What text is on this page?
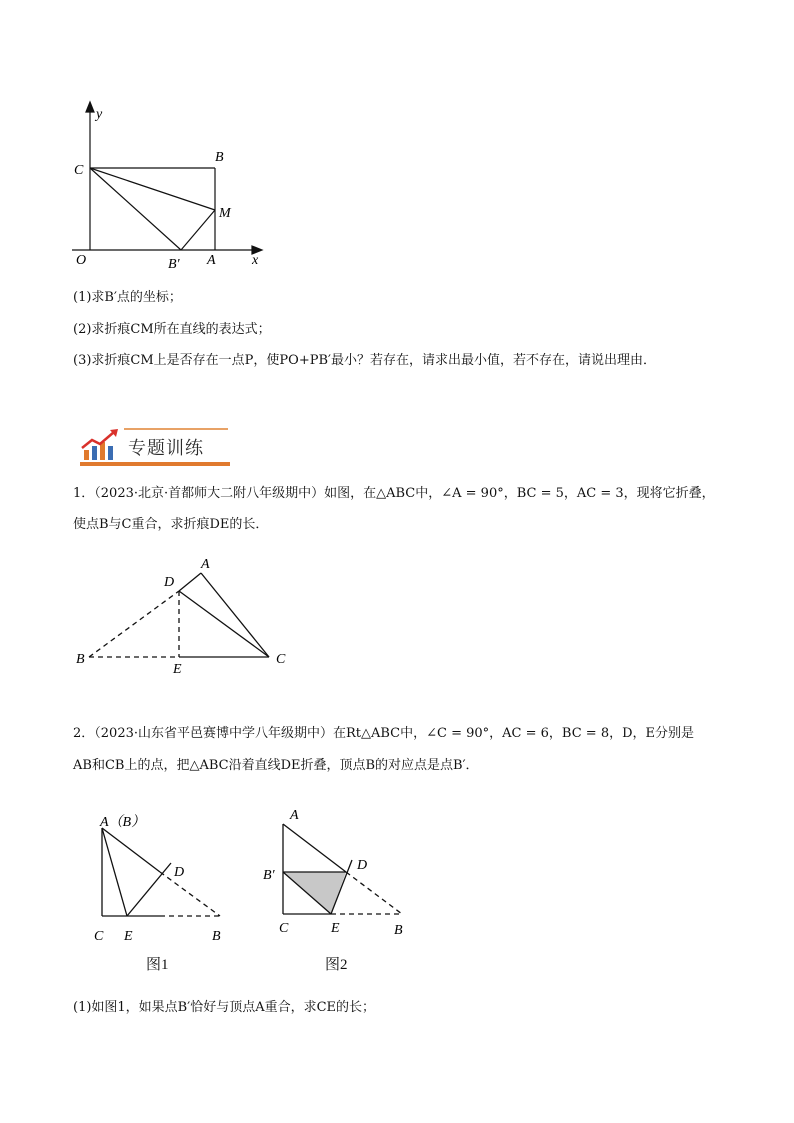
y
x
C
B
M
O	B′ A
(1)求B′点的坐标；
(2)求折痕CM所在直线的表达式；
(3)求折痕CM上是否存在一点P，使PO+PB′最小？若存在，请求出最小值，若不存在，请说出理由．
专题训练
1．（2023·北京·首都师大二附八年级期中）如图，在△ABC中，∠A = 90°，BC = 5，AC = 3，现将它折叠，
使点B与C重合，求折痕DE的长．
A
D
B
E
C
2．（2023·山东省平邑赛博中学八年级期中）在Rt△ABC中，∠C = 90°，AC = 6，BC = 8，D，E分别是
AB和CB上的点，把△ABC沿着直线DE折叠，顶点B的对应点是点B′．
A（B）
D
C E	B
A
B′
D
C	E	B
图1	图2
(1)如图1，如果点B′恰好与顶点A重合，求CE的长；
